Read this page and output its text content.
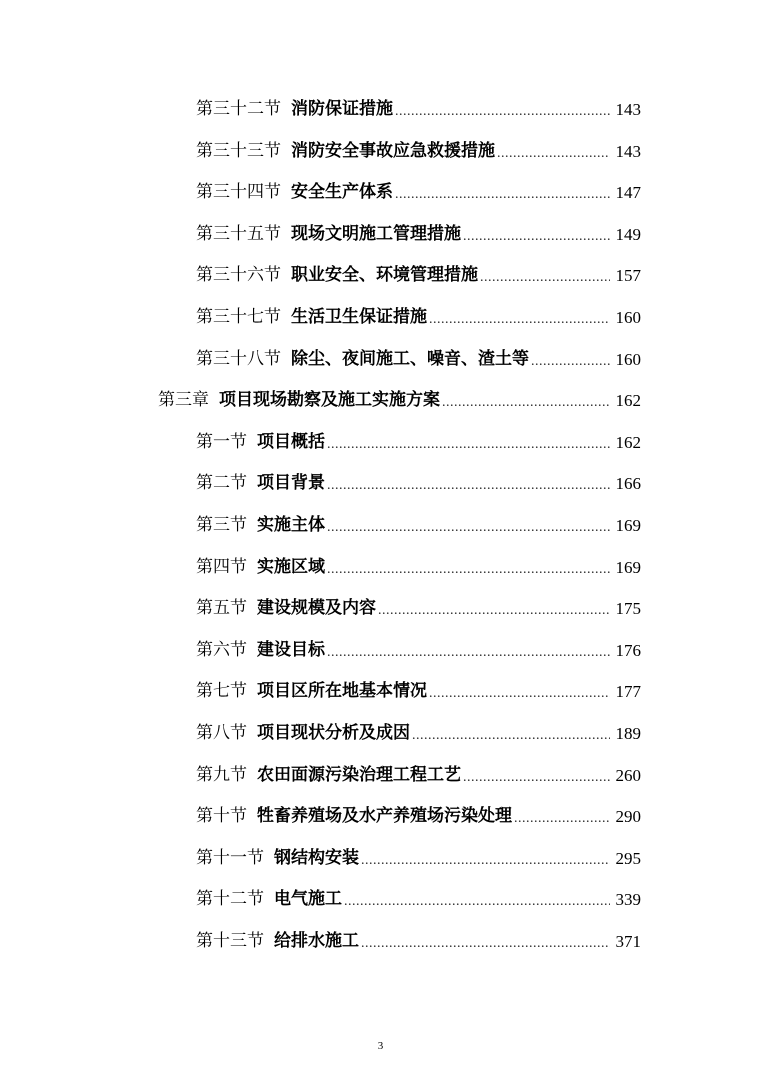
第三十二节 消防保证措施 .....	143
第三十三节 消防安全事故应急救援措施 .....	143
第三十四节 安全生产体系 .....	147
第三十五节 现场文明施工管理措施 .....	149
第三十六节 职业安全、环境管理措施 .....	157
第三十七节 生活卫生保证措施 .....	160
第三十八节 除尘、夜间施工、噪音、渣土等 .....	160
第三章 项目现场勘察及施工实施方案 .....	162
第一节 项目概括 .....	162
第二节 项目背景 .....	166
第三节 实施主体 .....	169
第四节 实施区域 .....	169
第五节 建设规模及内容 .....	175
第六节 建设目标 .....	176
第七节 项目区所在地基本情况 .....	177
第八节 项目现状分析及成因 .....	189
第九节 农田面源污染治理工程工艺 .....	260
第十节 牲畜养殖场及水产养殖场污染处理 .....	290
第十一节 钢结构安装 .....	295
第十二节 电气施工 .....	339
第十三节 给排水施工 .....	371
3
